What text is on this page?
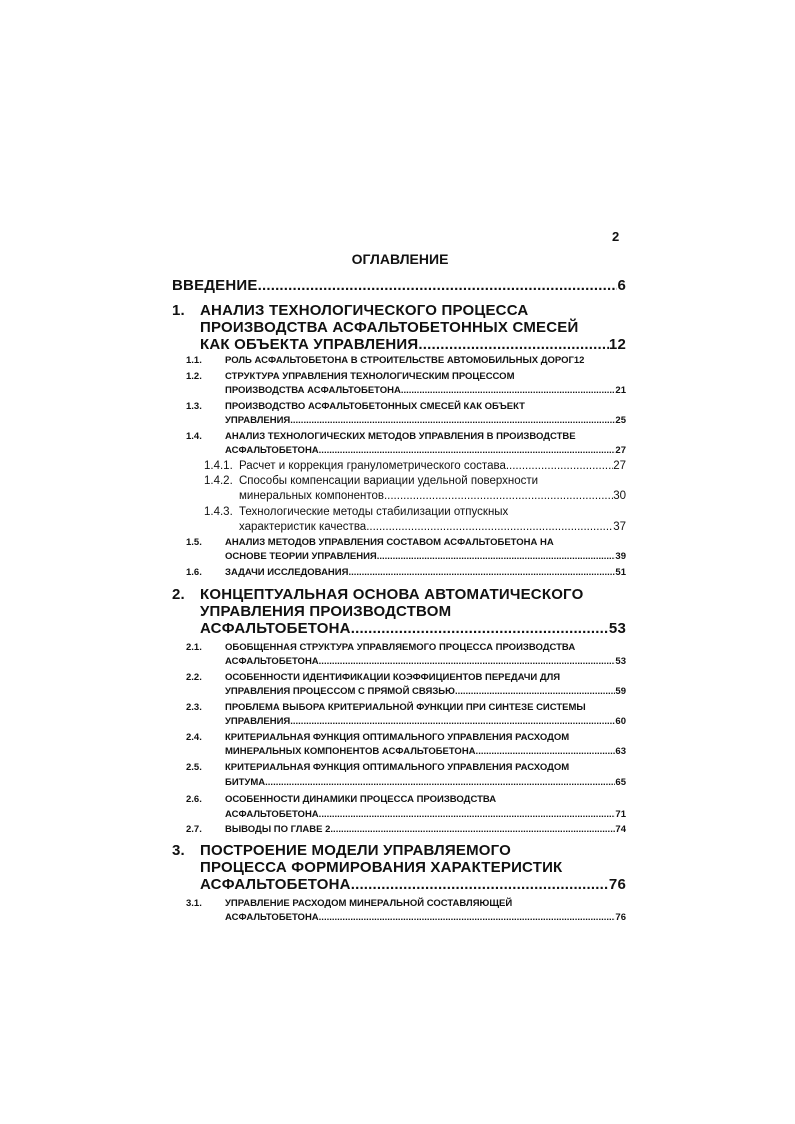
2
ОГЛАВЛЕНИЕ
ВВЕДЕНИЕ .....	6
1. АНАЛИЗ ТЕХНОЛОГИЧЕСКОГО ПРОЦЕССА
ПРОИЗВОДСТВА АСФАЛЬТОБЕТОННЫХ СМЕСЕЙ
КАК ОБЪЕКТА УПРАВЛЕНИЯ .....	12
1.1. РОЛЬ АСФАЛЬТОБЕТОНА В СТРОИТЕЛЬСТВЕ АВТОМОБИЛЬНЫХ ДОРОГ 12
1.2. СТРУКТУРА УПРАВЛЕНИЯ ТЕХНОЛОГИЧЕСКИМ ПРОЦЕССОМ
ПРОИЗВОДСТВА АСФАЛЬТОБЕТОНА .....	21
1.3. ПРОИЗВОДСТВО АСФАЛЬТОБЕТОННЫХ СМЕСЕЙ КАК ОБЪЕКТ
УПРАВЛЕНИЯ .....	25
1.4. АНАЛИЗ ТЕХНОЛОГИЧЕСКИХ МЕТОДОВ УПРАВЛЕНИЯ В ПРОИЗВОДСТВЕ
АСФАЛЬТОБЕТОНА .....	27
1.4.1. Расчет и коррекция гранулометрического состава .....	27
1.4.2. Способы компенсации вариации удельной поверхности
минеральных компонентов .....	30
1.4.3. Технологические методы стабилизации отпускных
характеристик качества .....	37
1.5. АНАЛИЗ МЕТОДОВ УПРАВЛЕНИЯ СОСТАВОМ АСФАЛЬТОБЕТОНА НА
ОСНОВЕ ТЕОРИИ УПРАВЛЕНИЯ .....	39
1.6. ЗАДАЧИ ИССЛЕДОВАНИЯ .....	51
2. КОНЦЕПТУАЛЬНАЯ ОСНОВА АВТОМАТИЧЕСКОГО
УПРАВЛЕНИЯ ПРОИЗВОДСТВОМ
АСФАЛЬТОБЕТОНА .....	53
2.1. ОБОБЩЕННАЯ СТРУКТУРА УПРАВЛЯЕМОГО ПРОЦЕССА ПРОИЗВОДСТВА
АСФАЛЬТОБЕТОНА .....	53
2.2. ОСОБЕННОСТИ ИДЕНТИФИКАЦИИ КОЭФФИЦИЕНТОВ ПЕРЕДАЧИ ДЛЯ
УПРАВЛЕНИЯ ПРОЦЕССОМ С ПРЯМОЙ СВЯЗЬЮ .....	59
2.3. ПРОБЛЕМА ВЫБОРА КРИТЕРИАЛЬНОЙ ФУНКЦИИ ПРИ СИНТЕЗЕ СИСТЕМЫ
УПРАВЛЕНИЯ .....	60
2.4. КРИТЕРИАЛЬНАЯ ФУНКЦИЯ ОПТИМАЛЬНОГО УПРАВЛЕНИЯ РАСХОДОМ
МИНЕРАЛЬНЫХ КОМПОНЕНТОВ АСФАЛЬТОБЕТОНА. .....	63
2.5. КРИТЕРИАЛЬНАЯ ФУНКЦИЯ ОПТИМАЛЬНОГО УПРАВЛЕНИЯ РАСХОДОМ
БИТУМА .....	65
2.6. ОСОБЕННОСТИ ДИНАМИКИ ПРОЦЕССА ПРОИЗВОДСТВА
АСФАЛЬТОБЕТОНА. .....	71
2.7. ВЫВОДЫ ПО ГЛАВЕ 2 .....	74
3. ПОСТРОЕНИЕ МОДЕЛИ УПРАВЛЯЕМОГО
ПРОЦЕССА ФОРМИРОВАНИЯ ХАРАКТЕРИСТИК
АСФАЛЬТОБЕТОНА .....	76
3.1. УПРАВЛЕНИЕ РАСХОДОМ МИНЕРАЛЬНОЙ СОСТАВЛЯЮЩЕЙ
АСФАЛЬТОБЕТОНА .....	76
